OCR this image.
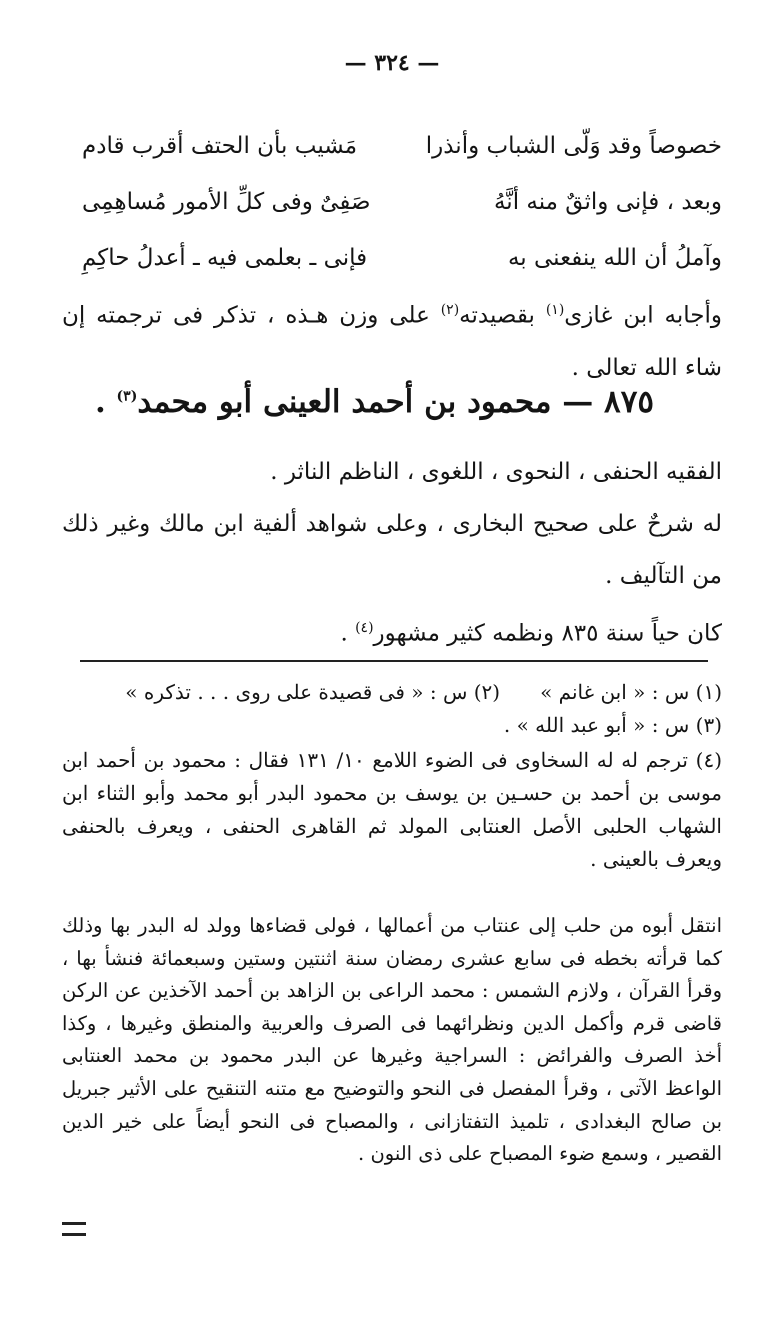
— ٣٢٤ —
خصوصاً وقد وَلّى الشباب وأنذرا
مَشيب بأن الحتف أقرب قادم
وبعد ، فإنى واثقٌ منه أنَّهُ
صَفِىٌ وفى كلِّ الأمور مُساهِمِى
وآملُ أن الله ينفعنى به
فإنى ـ بعلمى فيه ـ أعدلُ حاكِمِ
وأجابه ابن غازى$^{(١)}$ بقصيدته$^{(٢)}$ على وزن هـذه ، تذكر فى ترجمته إن شاء الله تعالى .
٨٧٥ — محمود بن أحمد العينى أبو محمد$^{(٣)}$ .
الفقيه الحنفى ، النحوى ، اللغوى ، الناظم الناثر .
له شرحٌ على صحيح البخارى ، وعلى شواهد ألفية ابن مالك وغير ذلك من التآليف .
كان حياً سنة ٨٣٥ ونظمه كثير مشهور$^{(٤)}$ .
(١) س : « ابن غانم »
(٢) س : « فى قصيدة على روى . . . تذكره »
(٣) س : « أبو عبد الله » .
(٤) ترجم له له السخاوى فى الضوء اللامع ١٠/ ١٣١ فقال : محمود بن أحمد ابن موسى بن أحمد بن حسـين بن يوسف بن محمود البدر أبو محمد وأبو الثناء ابن الشهاب الحلبى الأصل العنتابى المولد ثم القاهرى الحنفى ، ويعرف بالحنفى ويعرف بالعينى .
انتقل أبوه من حلب إلى عنتاب من أعمالها ، فولى قضاءها وولد له البدر بها وذلك كما قرأته بخطه فى سابع عشرى رمضان سنة اثنتين وستين وسبعمائة فنشأ بها ، وقرأ القرآن ، ولازم الشمس : محمد الراعى بن الزاهد بن أحمد الآخذين عن الركن قاضى قرم وأكمل الدين ونظرائهما فى الصرف والعربية والمنطق وغيرها ، وكذا أخذ الصرف والفرائض : السراجية وغيرها عن البدر محمود بن محمد العنتابى الواعظ الآتى ، وقرأ المفصل فى النحو والتوضيح مع متنه التنقيح على الأثير جبريل بن صالح البغدادى ، تلميذ التفتازانى ، والمصباح فى النحو أيضاً على خير الدين القصير ، وسمع ضوء المصباح على ذى النون .
